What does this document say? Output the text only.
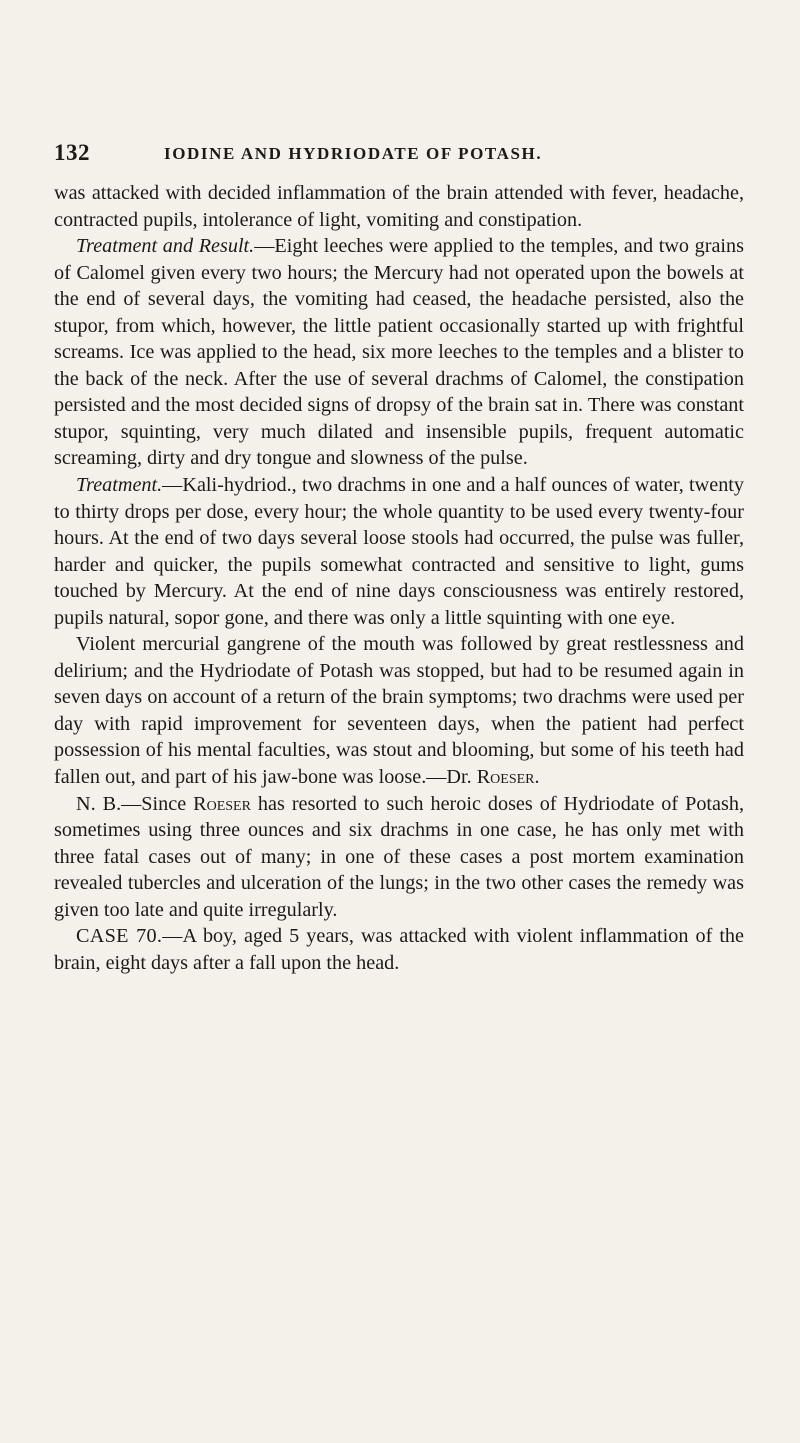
132	IODINE AND HYDRIODATE OF POTASH.

was attacked with decided inflammation of the brain attended with fever, headache, contracted pupils, intolerance of light, vomiting and constipation.

Treatment and Result.—Eight leeches were applied to the temples, and two grains of Calomel given every two hours; the Mercury had not operated upon the bowels at the end of several days, the vomiting had ceased, the headache persisted, also the stupor, from which, however, the little patient occasionally started up with frightful screams. Ice was applied to the head, six more leeches to the temples and a blister to the back of the neck. After the use of several drachms of Calomel, the constipation persisted and the most decided signs of dropsy of the brain sat in. There was constant stupor, squinting, very much dilated and insensible pupils, frequent automatic screaming, dirty and dry tongue and slowness of the pulse.

Treatment.—Kali-hydriod., two drachms in one and a half ounces of water, twenty to thirty drops per dose, every hour; the whole quantity to be used every twenty-four hours. At the end of two days several loose stools had occurred, the pulse was fuller, harder and quicker, the pupils somewhat contracted and sensitive to light, gums touched by Mercury. At the end of nine days consciousness was entirely restored, pupils natural, sopor gone, and there was only a little squinting with one eye.

Violent mercurial gangrene of the mouth was followed by great restlessness and delirium; and the Hydriodate of Potash was stopped, but had to be resumed again in seven days on account of a return of the brain symptoms; two drachms were used per day with rapid improvement for seventeen days, when the patient had perfect possession of his mental faculties, was stout and blooming, but some of his teeth had fallen out, and part of his jaw-bone was loose.—Dr. Roeser.

N. B.—Since Roeser has resorted to such heroic doses of Hydriodate of Potash, sometimes using three ounces and six drachms in one case, he has only met with three fatal cases out of many; in one of these cases a post mortem examination revealed tubercles and ulceration of the lungs; in the two other cases the remedy was given too late and quite irregularly.

CASE 70.—A boy, aged 5 years, was attacked with violent inflammation of the brain, eight days after a fall upon the head.
